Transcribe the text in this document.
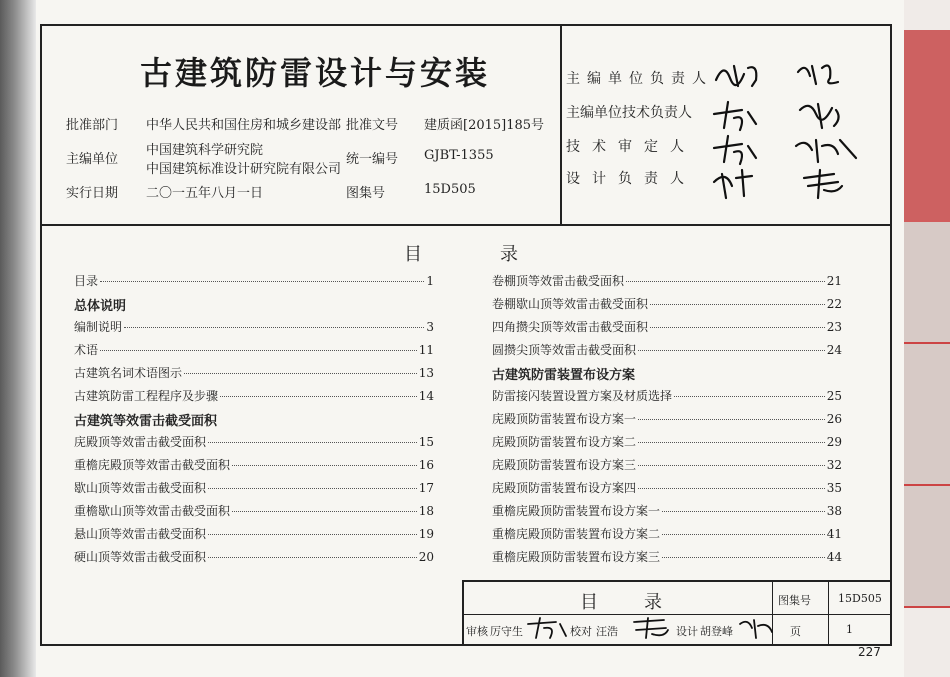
古建筑防雷设计与安装
批准部门 中华人民共和国住房和城乡建设部 批准文号 建质函[2015]185号
主编单位
中国建筑科学研究院
中国建筑标准设计研究院有限公司
统一编号 GJBT-1355
实行日期 二〇一五年八月一日	图集号	15D505
主编单位负责人
主编单位技术负责人
技术审定人
设计负责人
目	录
目录	1
总体说明
编制说明	3
术语	11
古建筑名词术语图示	13
古建筑防雷工程程序及步骤	14
古建筑等效雷击截受面积
庑殿顶等效雷击截受面积	15
重檐庑殿顶等效雷击截受面积	16
歇山顶等效雷击截受面积	17
重檐歇山顶等效雷击截受面积	18
悬山顶等效雷击截受面积	19
硬山顶等效雷击截受面积	20
卷棚顶等效雷击截受面积	21
卷棚歇山顶等效雷击截受面积	22
四角攒尖顶等效雷击截受面积	23
圆攒尖顶等效雷击截受面积	24
古建筑防雷装置布设方案
防雷接闪装置设置方案及材质选择	25
庑殿顶防雷装置布设方案一	26
庑殿顶防雷装置布设方案二	29
庑殿顶防雷装置布设方案三	32
庑殿顶防雷装置布设方案四	35
重檐庑殿顶防雷装置布设方案一	38
重檐庑殿顶防雷装置布设方案二	41
重檐庑殿顶防雷装置布设方案三	44
目	录	图集号 15D505
审核 厉守生	校对 汪浩	设计 胡登峰	页	1
227
